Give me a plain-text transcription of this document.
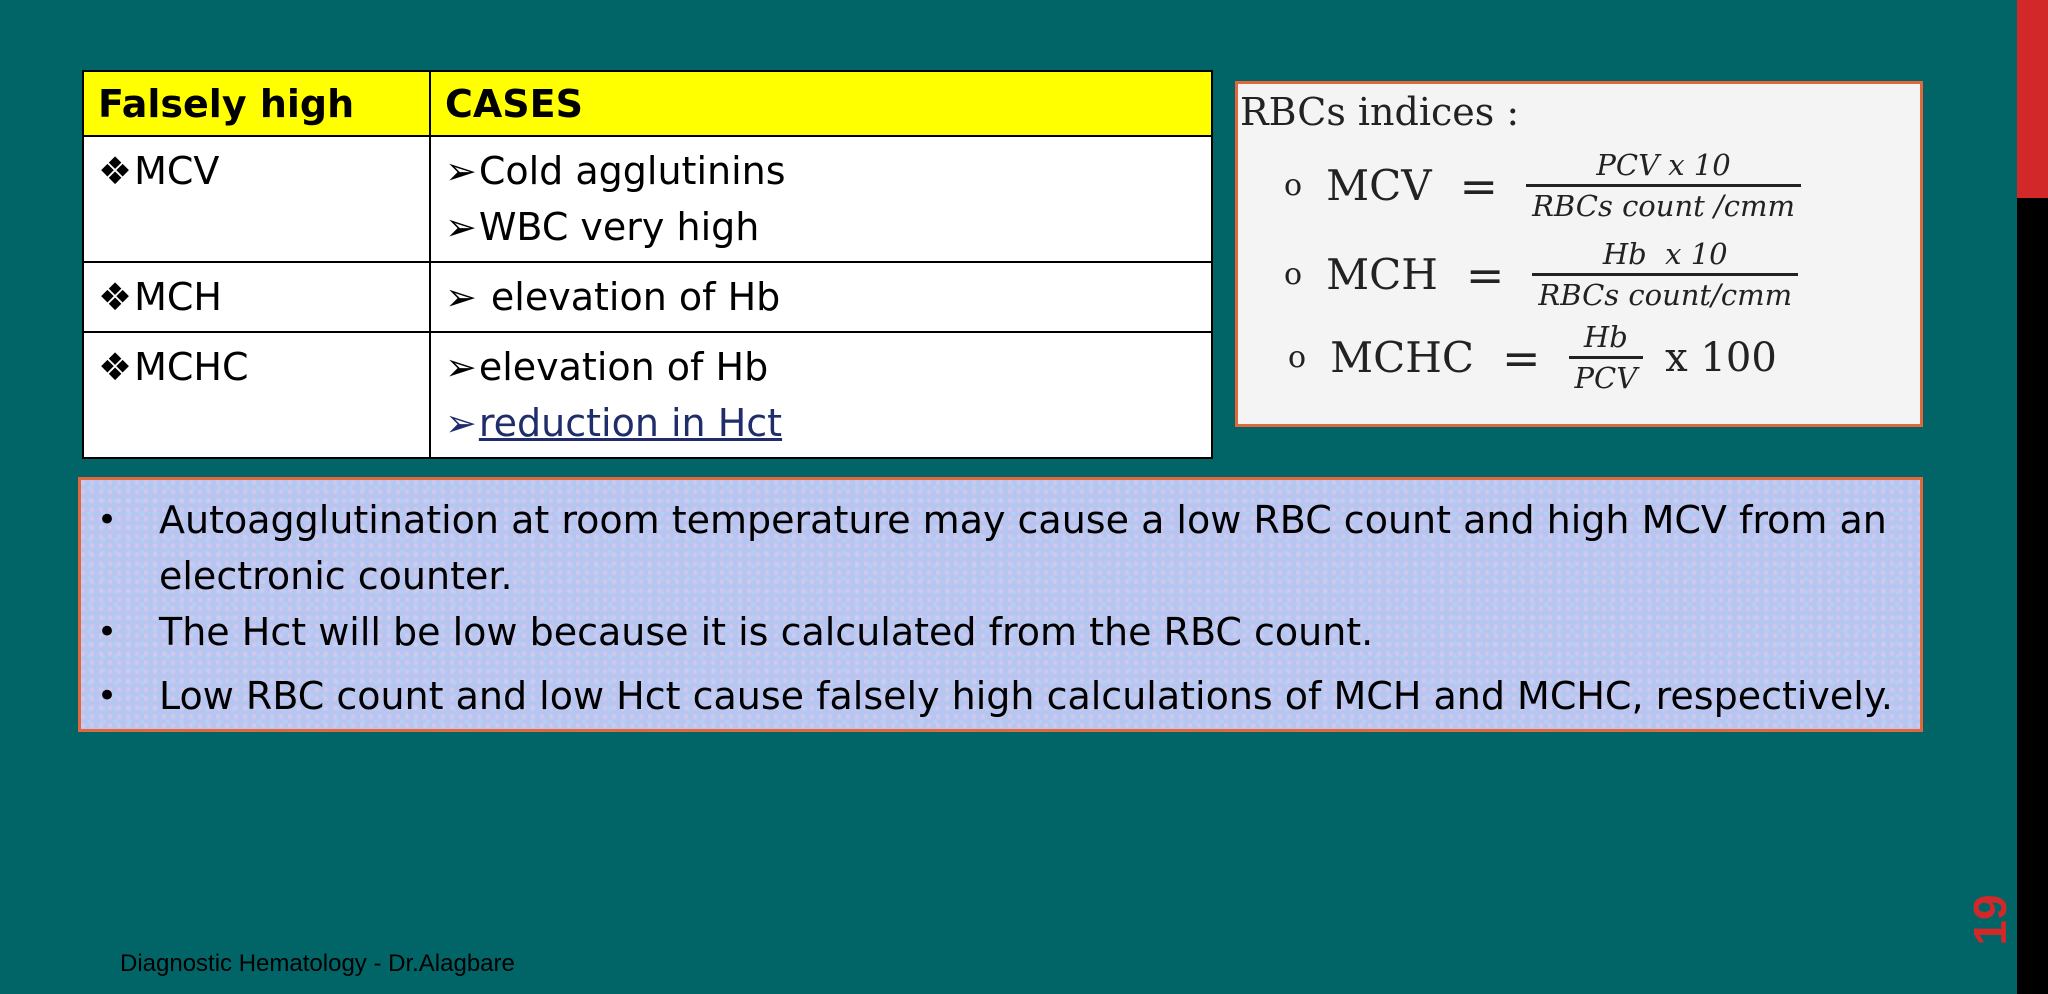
19
Falsely high	CASES
❖MCV	➢Cold agglutinins
➢WBC very high

❖MCH	➢ elevation of Hb

❖MCHC	➢elevation of Hb
➢reduction in Hct
RBCs indices :
o MCV = $\frac{\text{PCV x 10}}{\text{RBCs count /cmm}}$
o MCH = $\frac{\text{Hb  x 10}}{\text{RBCs count/cmm}}$
o MCHC = $\frac{Hb}{\text{PCV}}$ x 100
• Autoagglutination at room temperature may cause a low RBC count and high MCV from an electronic counter.
• The Hct will be low because it is calculated from the RBC count.
• Low RBC count and low Hct cause falsely high calculations of MCH and MCHC, respectively.
Diagnostic Hematology - Dr.Alagbare
